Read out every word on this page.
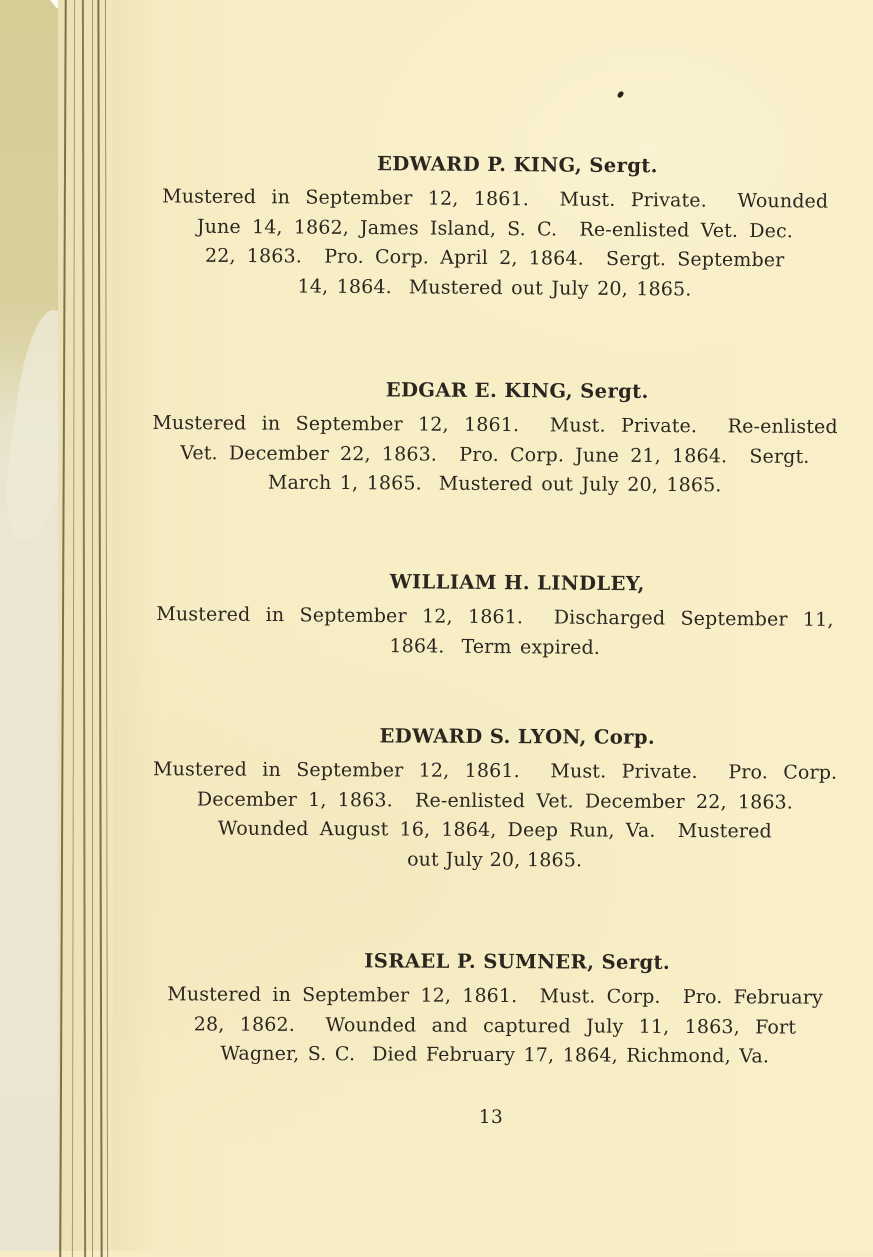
EDWARD P. KING, Sergt.
Mustered in September 12, 1861.  Must. Private.  Wounded
June 14, 1862, James Island, S. C.  Re-enlisted Vet. Dec.
22, 1863.  Pro. Corp. April 2, 1864.  Sergt. September
14, 1864.  Mustered out July 20, 1865.
EDGAR E. KING, Sergt.
Mustered in September 12, 1861.  Must. Private.  Re-enlisted
Vet. December 22, 1863.  Pro. Corp. June 21, 1864.  Sergt.
March 1, 1865.  Mustered out July 20, 1865.
WILLIAM H. LINDLEY,
Mustered in September 12, 1861.  Discharged September 11,
1864.  Term expired.
EDWARD S. LYON, Corp.
Mustered in September 12, 1861.  Must. Private.  Pro. Corp.
December 1, 1863.  Re-enlisted Vet. December 22, 1863.
Wounded August 16, 1864, Deep Run, Va.  Mustered
out July 20, 1865.
ISRAEL P. SUMNER, Sergt.
Mustered in September 12, 1861.  Must. Corp.  Pro. February
28, 1862.  Wounded and captured July 11, 1863, Fort
Wagner, S. C.  Died February 17, 1864, Richmond, Va.
13
